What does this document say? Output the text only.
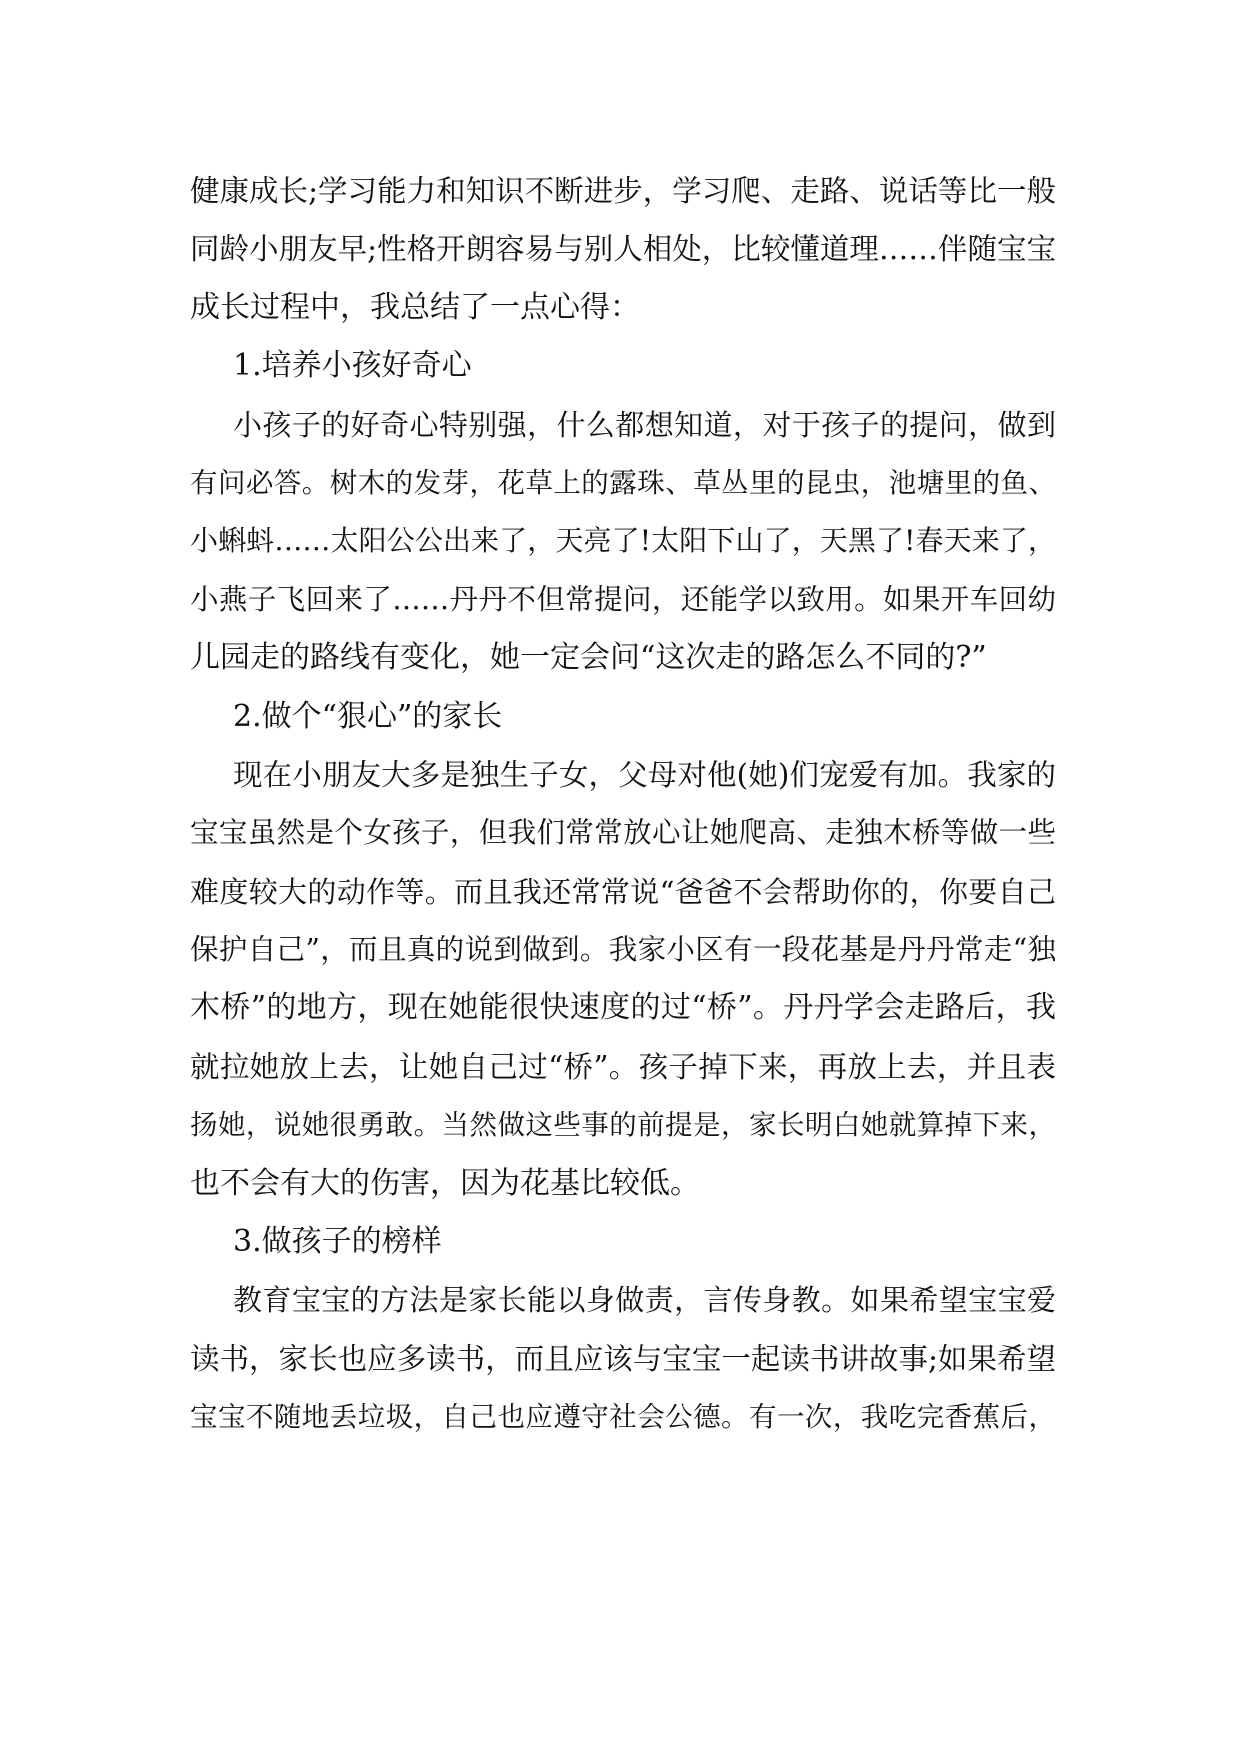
健康成长;学习能力和知识不断进步，学习爬、走路、说话等比一般
同龄小朋友早;性格开朗容易与别人相处，比较懂道理……伴随宝宝
成长过程中，我总结了一点心得：
1.培养小孩好奇心
小孩子的好奇心特别强，什么都想知道，对于孩子的提问，做到
有问必答。树木的发芽，花草上的露珠、草丛里的昆虫，池塘里的鱼、
小蝌蚪……太阳公公出来了，天亮了!太阳下山了，天黑了!春天来了，
小燕子飞回来了……丹丹不但常提问，还能学以致用。如果开车回幼
儿园走的路线有变化，她一定会问“这次走的路怎么不同的?”
2.做个“狠心”的家长
现在小朋友大多是独生子女，父母对他(她)们宠爱有加。我家的
宝宝虽然是个女孩子，但我们常常放心让她爬高、走独木桥等做一些
难度较大的动作等。而且我还常常说“爸爸不会帮助你的，你要自己
保护自己”，而且真的说到做到。我家小区有一段花基是丹丹常走“独
木桥”的地方，现在她能很快速度的过“桥”。丹丹学会走路后，我
就拉她放上去，让她自己过“桥”。孩子掉下来，再放上去，并且表
扬她，说她很勇敢。当然做这些事的前提是，家长明白她就算掉下来，
也不会有大的伤害，因为花基比较低。
3.做孩子的榜样
教育宝宝的方法是家长能以身做责，言传身教。如果希望宝宝爱
读书，家长也应多读书，而且应该与宝宝一起读书讲故事;如果希望
宝宝不随地丢垃圾，自己也应遵守社会公德。有一次，我吃完香蕉后，
